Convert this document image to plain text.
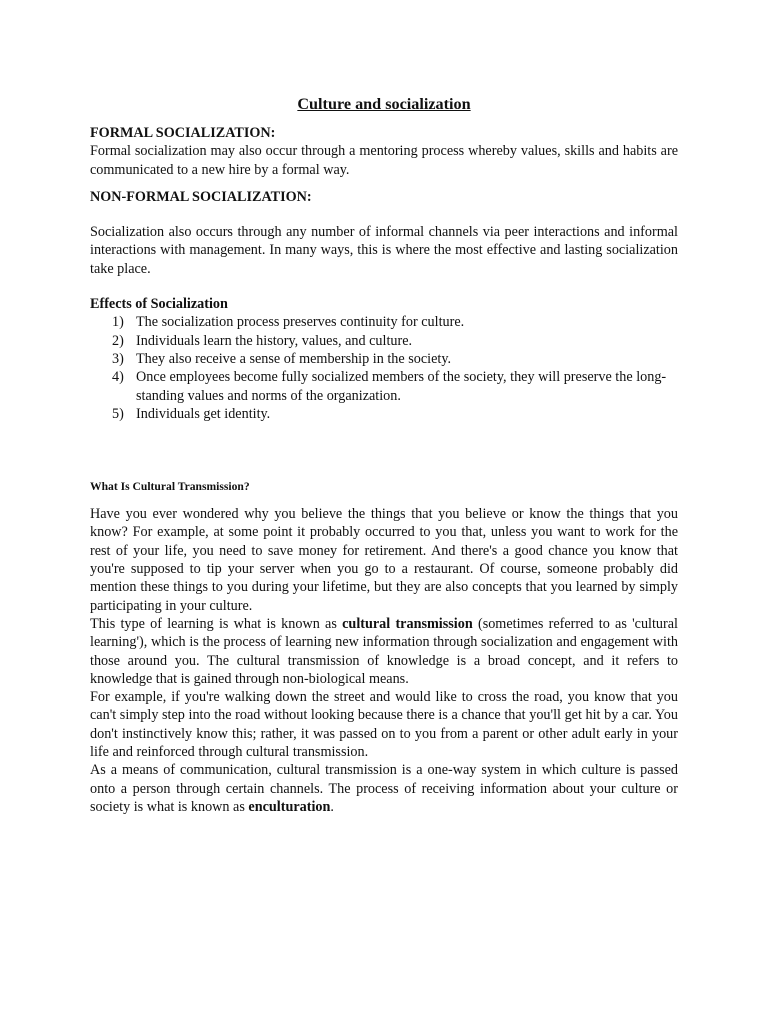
Culture and socialization
FORMAL SOCIALIZATION:

Formal socialization may also occur through a mentoring process whereby values, skills and habits are communicated to a new hire by a formal way.

NON-FORMAL SOCIALIZATION:

Socialization also occurs through any number of informal channels via peer interactions and informal interactions with management. In many ways, this is where the most effective and lasting socialization take place.

Effects of Socialization
1) The socialization process preserves continuity for culture.
2) Individuals learn the history, values, and culture.
3) They also receive a sense of membership in the society.
4) Once employees become fully socialized members of the society, they will preserve the long-standing values and norms of the organization.
5) Individuals get identity.
What Is Cultural Transmission?

Have you ever wondered why you believe the things that you believe or know the things that you know? For example, at some point it probably occurred to you that, unless you want to work for the rest of your life, you need to save money for retirement. And there's a good chance you know that you're supposed to tip your server when you go to a restaurant. Of course, someone probably did mention these things to you during your lifetime, but they are also concepts that you learned by simply participating in your culture.

This type of learning is what is known as cultural transmission (sometimes referred to as 'cultural learning'), which is the process of learning new information through socialization and engagement with those around you. The cultural transmission of knowledge is a broad concept, and it refers to knowledge that is gained through non-biological means.

For example, if you're walking down the street and would like to cross the road, you know that you can't simply step into the road without looking because there is a chance that you'll get hit by a car. You don't instinctively know this; rather, it was passed on to you from a parent or other adult early in your life and reinforced through cultural transmission.

As a means of communication, cultural transmission is a one-way system in which culture is passed onto a person through certain channels. The process of receiving information about your culture or society is what is known as enculturation.
